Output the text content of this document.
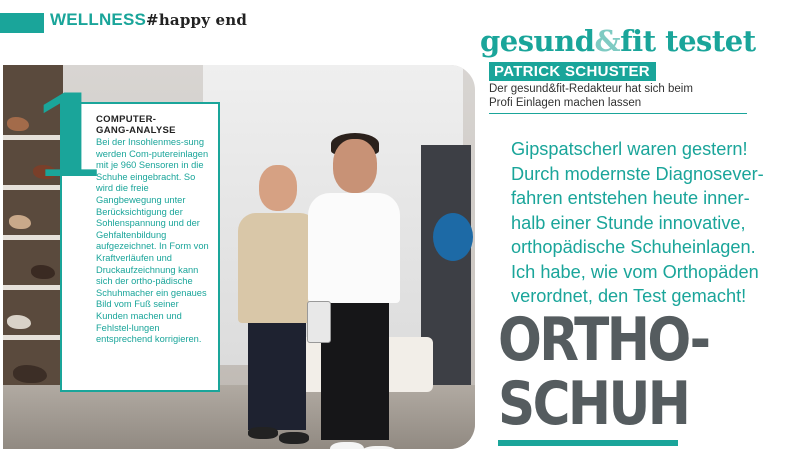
WELLNESS#happy end
gesund&fit testet
PATRICK SCHUSTER
Der gesund&fit-Redakteur hat sich beim Profi Einlagen machen lassen
Gipspatscherl waren gestern! Durch modernste Diagnosever-fahren entstehen heute inner-halb einer Stunde innovative, orthopädische Schuheinlagen. Ich habe, wie vom Orthopäden verordnet, den Test gemacht!
ORTHO-
SCHUH
COMPUTER-
GANG-ANALYSE
Bei der Insohlenmes-sung werden Com-putereinlagen mit je 960 Sensoren in die Schuhe eingebracht. So wird die freie Gangbewegung unter Berücksichtigung der Sohlenspannung und der Gehfaltenbildung aufgezeichnet. In Form von Kraftverläufen und Druckaufzeichnung kann sich der ortho-pädische Schuhmacher ein genaues Bild vom Fuß seiner Kunden machen und Fehlstel-lungen entsprechend korrigieren.
1
